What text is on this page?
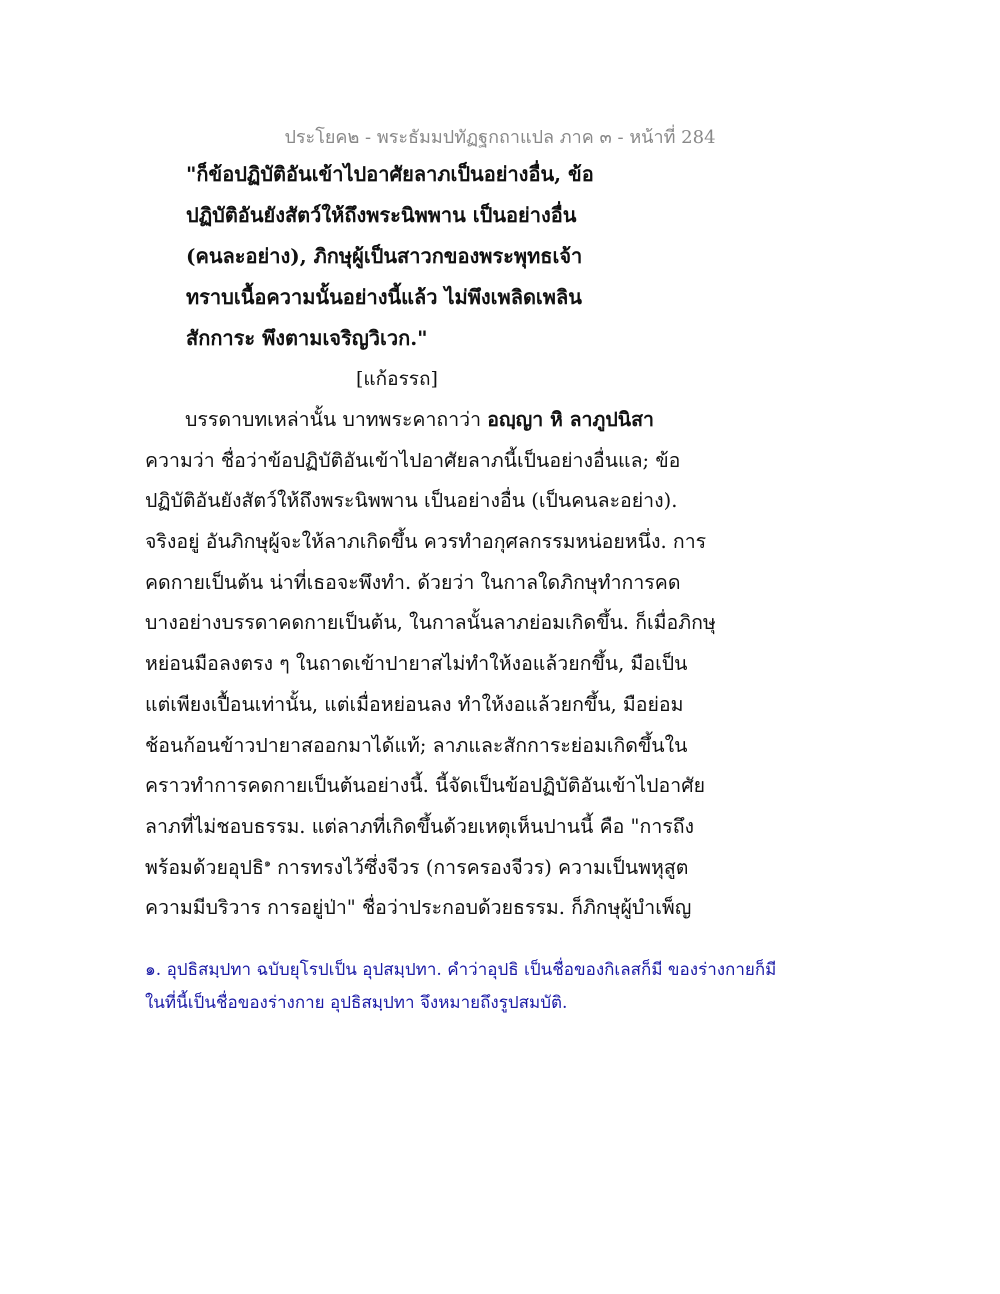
ประโยค๒ - พระธัมมปทัฏฐกถาแปล ภาค ๓ - หน้าที่ 284
"ก็ข้อปฏิบัติอันเข้าไปอาศัยลาภเป็นอย่างอื่น, ข้อ
ปฏิบัติอันยังสัตว์ให้ถึงพระนิพพาน เป็นอย่างอื่น
(คนละอย่าง), ภิกษุผู้เป็นสาวกของพระพุทธเจ้า
ทราบเนื้อความนั้นอย่างนี้แล้ว ไม่พึงเพลิดเพลิน
สักการะ พึงตามเจริญวิเวก."
[แก้อรรถ]
บรรดาบทเหล่านั้น บาทพระคาถาว่า อญฺญา หิ ลาภูปนิสา
ความว่า ชื่อว่าข้อปฏิบัติอันเข้าไปอาศัยลาภนี้เป็นอย่างอื่นแล; ข้อ
ปฏิบัติอันยังสัตว์ให้ถึงพระนิพพาน เป็นอย่างอื่น (เป็นคนละอย่าง).
จริงอยู่ อันภิกษุผู้จะให้ลาภเกิดขึ้น ควรทำอกุศลกรรมหน่อยหนึ่ง. การ
คดกายเป็นต้น น่าที่เธอจะพึงทำ. ด้วยว่า ในกาลใดภิกษุทำการคด
บางอย่างบรรดาคดกายเป็นต้น, ในกาลนั้นลาภย่อมเกิดขึ้น. ก็เมื่อภิกษุ
หย่อนมือลงตรง ๆ ในถาดเข้าปายาสไม่ทำให้งอแล้วยกขึ้น, มือเป็น
แต่เพียงเปื้อนเท่านั้น, แต่เมื่อหย่อนลง ทำให้งอแล้วยกขึ้น, มือย่อม
ช้อนก้อนข้าวปายาสออกมาได้แท้; ลาภและสักการะย่อมเกิดขึ้นใน
คราวทำการคดกายเป็นต้นอย่างนี้. นี้จัดเป็นข้อปฏิบัติอันเข้าไปอาศัย
ลาภที่ไม่ชอบธรรม. แต่ลาภที่เกิดขึ้นด้วยเหตุเห็นปานนี้ คือ "การถึง
พร้อมด้วยอุปธิ$^๑$ การทรงไว้ซึ่งจีวร (การครองจีวร) ความเป็นพหุสูต
ความมีบริวาร การอยู่ป่า" ชื่อว่าประกอบด้วยธรรม. ก็ภิกษุผู้บำเพ็ญ
๑. อุปธิสมฺปทา ฉบับยุโรปเป็น อุปสมฺปทา. คำว่าอุปธิ เป็นชื่อของกิเลสก็มี ของร่างกายก็มี
ในที่นี้เป็นชื่อของร่างกาย อุปธิสมฺปทา จึงหมายถึงรูปสมบัติ.
